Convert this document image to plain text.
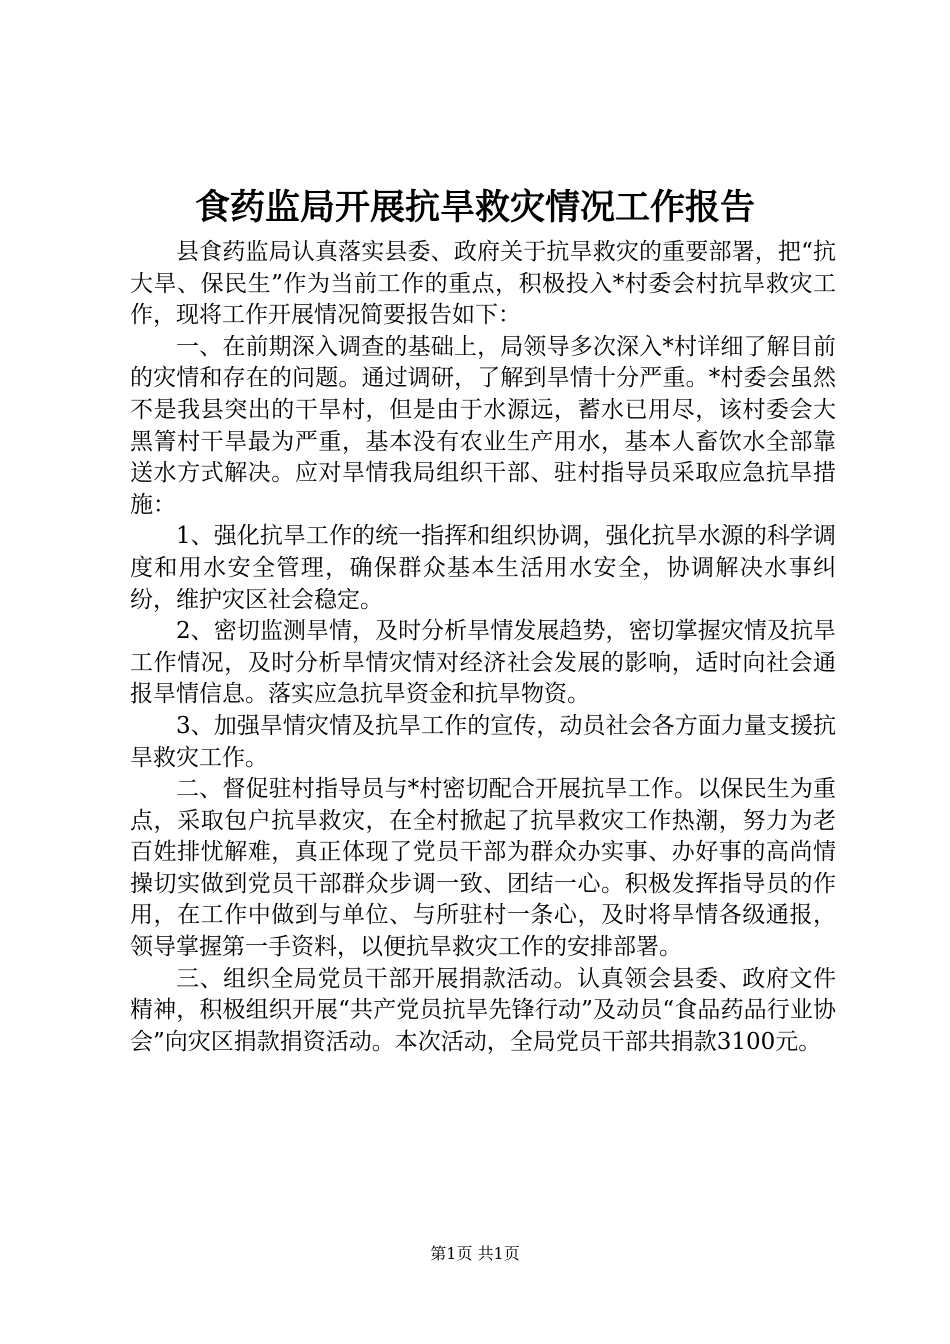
食药监局开展抗旱救灾情况工作报告

县食药监局认真落实县委、政府关于抗旱救灾的重要部署，把“抗大旱、保民生”作为当前工作的重点，积极投入*村委会村抗旱救灾工作，现将工作开展情况简要报告如下：

一、在前期深入调查的基础上，局领导多次深入*村详细了解目前的灾情和存在的问题。通过调研，了解到旱情十分严重。*村委会虽然不是我县突出的干旱村，但是由于水源远，蓄水已用尽，该村委会大黑箐村干旱最为严重，基本没有农业生产用水，基本人畜饮水全部靠送水方式解决。应对旱情我局组织干部、驻村指导员采取应急抗旱措施：

1、强化抗旱工作的统一指挥和组织协调，强化抗旱水源的科学调度和用水安全管理，确保群众基本生活用水安全，协调解决水事纠纷，维护灾区社会稳定。

2、密切监测旱情，及时分析旱情发展趋势，密切掌握灾情及抗旱工作情况，及时分析旱情灾情对经济社会发展的影响，适时向社会通报旱情信息。落实应急抗旱资金和抗旱物资。

3、加强旱情灾情及抗旱工作的宣传，动员社会各方面力量支援抗旱救灾工作。

二、督促驻村指导员与*村密切配合开展抗旱工作。以保民生为重点，采取包户抗旱救灾，在全村掀起了抗旱救灾工作热潮，努力为老百姓排忧解难，真正体现了党员干部为群众办实事、办好事的高尚情操切实做到党员干部群众步调一致、团结一心。积极发挥指导员的作用，在工作中做到与单位、与所驻村一条心，及时将旱情各级通报，领导掌握第一手资料，以便抗旱救灾工作的安排部署。

三、组织全局党员干部开展捐款活动。认真领会县委、政府文件精神，积极组织开展“共产党员抗旱先锋行动”及动员“食品药品行业协会”向灾区捐款捐资活动。本次活动，全局党员干部共捐款3100元。

第1页 共1页
